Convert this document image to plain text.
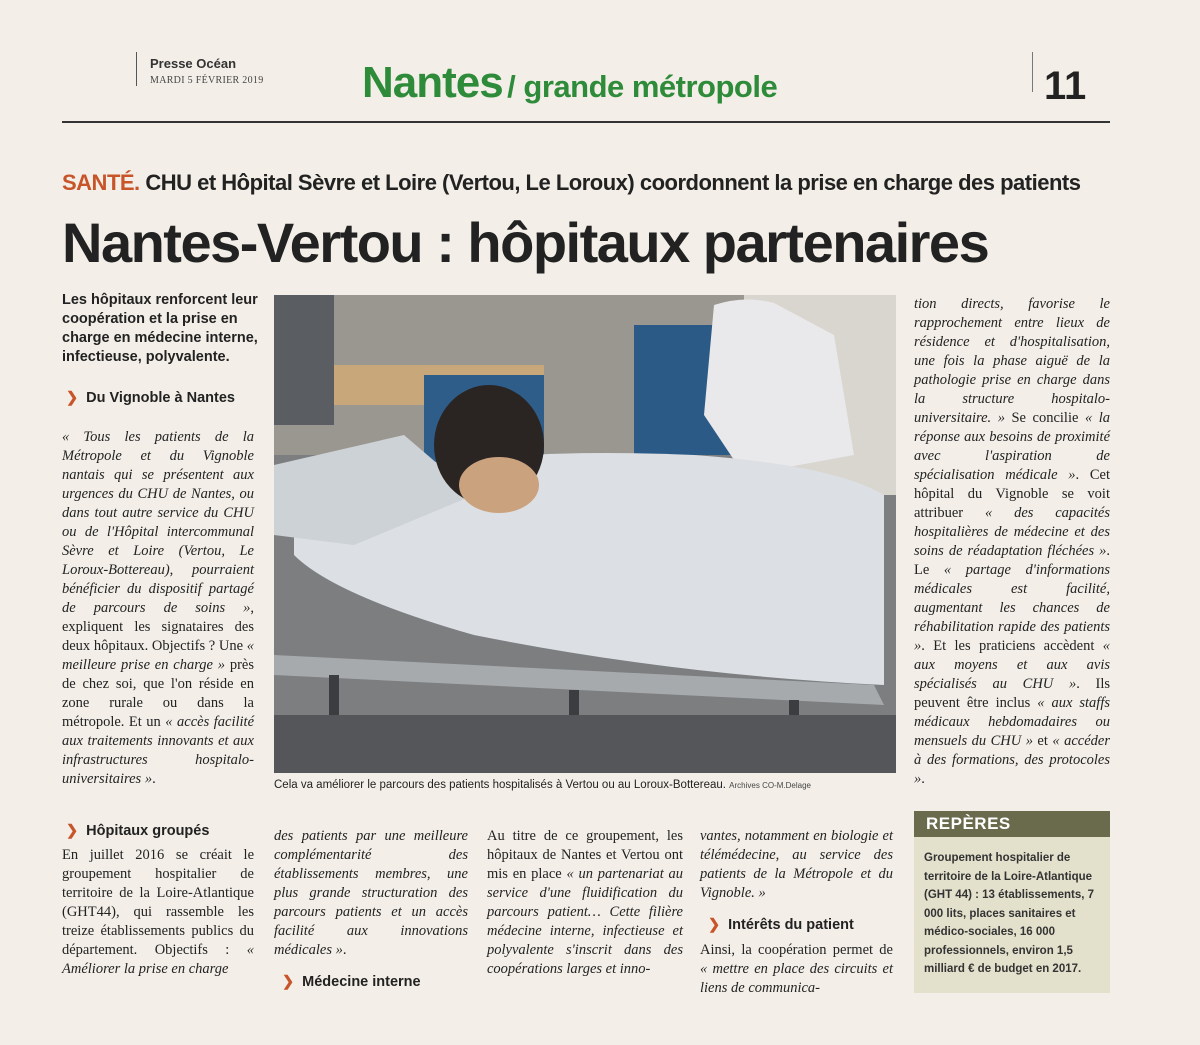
Presse Océan
MARDI 5 FÉVRIER 2019 Nantes / grande métropole	11
SANTÉ. CHU et Hôpital Sèvre et Loire (Vertou, Le Loroux) coordonnent la prise en charge des patients
Nantes-Vertou : hôpitaux partenaires
Les hôpitaux renforcent leur coopération et la prise en charge en médecine interne, infectieuse, polyvalente.
❯ Du Vignoble à Nantes
« Tous les patients de la Métropole et du Vignoble nantais qui se présentent aux urgences du CHU de Nantes, ou dans tout autre service du CHU ou de l'Hôpital intercommunal Sèvre et Loire (Vertou, Le Loroux-Bottereau), pourraient bénéficier du dispositif partagé de parcours de soins », expliquent les signataires des deux hôpitaux. Objectifs ? Une « meilleure prise en charge » près de chez soi, que l'on réside en zone rurale ou dans la métropole. Et un « accès facilité aux traitements innovants et aux infrastructures hospitalo-universitaires ».
❯ Hôpitaux groupés
En juillet 2016 se créait le groupement hospitalier de territoire de la Loire-Atlantique (GHT44), qui rassemble les treize établissements publics du département. Objectifs : « Améliorer la prise en charge
Cela va améliorer le parcours des patients hospitalisés à Vertou ou au Loroux-Bottereau. Archives CO-M.Delage
des patients par une meilleure complémentarité des établissements membres, une plus grande structuration des parcours patients et un accès facilité aux innovations médicales ».
❯ Médecine interne
Au titre de ce groupement, les hôpitaux de Nantes et Vertou ont mis en place « un partenariat au service d'une fluidification du parcours patient… Cette filière médecine interne, infectieuse et polyvalente s'inscrit dans des coopérations larges et inno-
vantes, notamment en biologie et télémédecine, au service des patients de la Métropole et du Vignoble. »
❯ Intérêts du patient
Ainsi, la coopération permet de « mettre en place des circuits et liens de communica-
tion directs, favorise le rapprochement entre lieux de résidence et d'hospitalisation, une fois la phase aiguë de la pathologie prise en charge dans la structure hospitalo-universitaire. » Se concilie « la réponse aux besoins de proximité avec l'aspiration de spécialisation médicale ». Cet hôpital du Vignoble se voit attribuer « des capacités hospitalières de médecine et des soins de réadaptation fléchées ». Le « partage d'informations médicales est facilité, augmentant les chances de réhabilitation rapide des patients ». Et les praticiens accèdent « aux moyens et aux avis spécialisés au CHU ». Ils peuvent être inclus « aux staffs médicaux hebdomadaires ou mensuels du CHU » et « accéder à des formations, des protocoles ».
REPÈRES
Groupement hospitalier de territoire de la Loire-Atlantique (GHT 44) : 13 établissements, 7 000 lits, places sanitaires et médico-sociales, 16 000 professionnels, environ 1,5 milliard € de budget en 2017.
